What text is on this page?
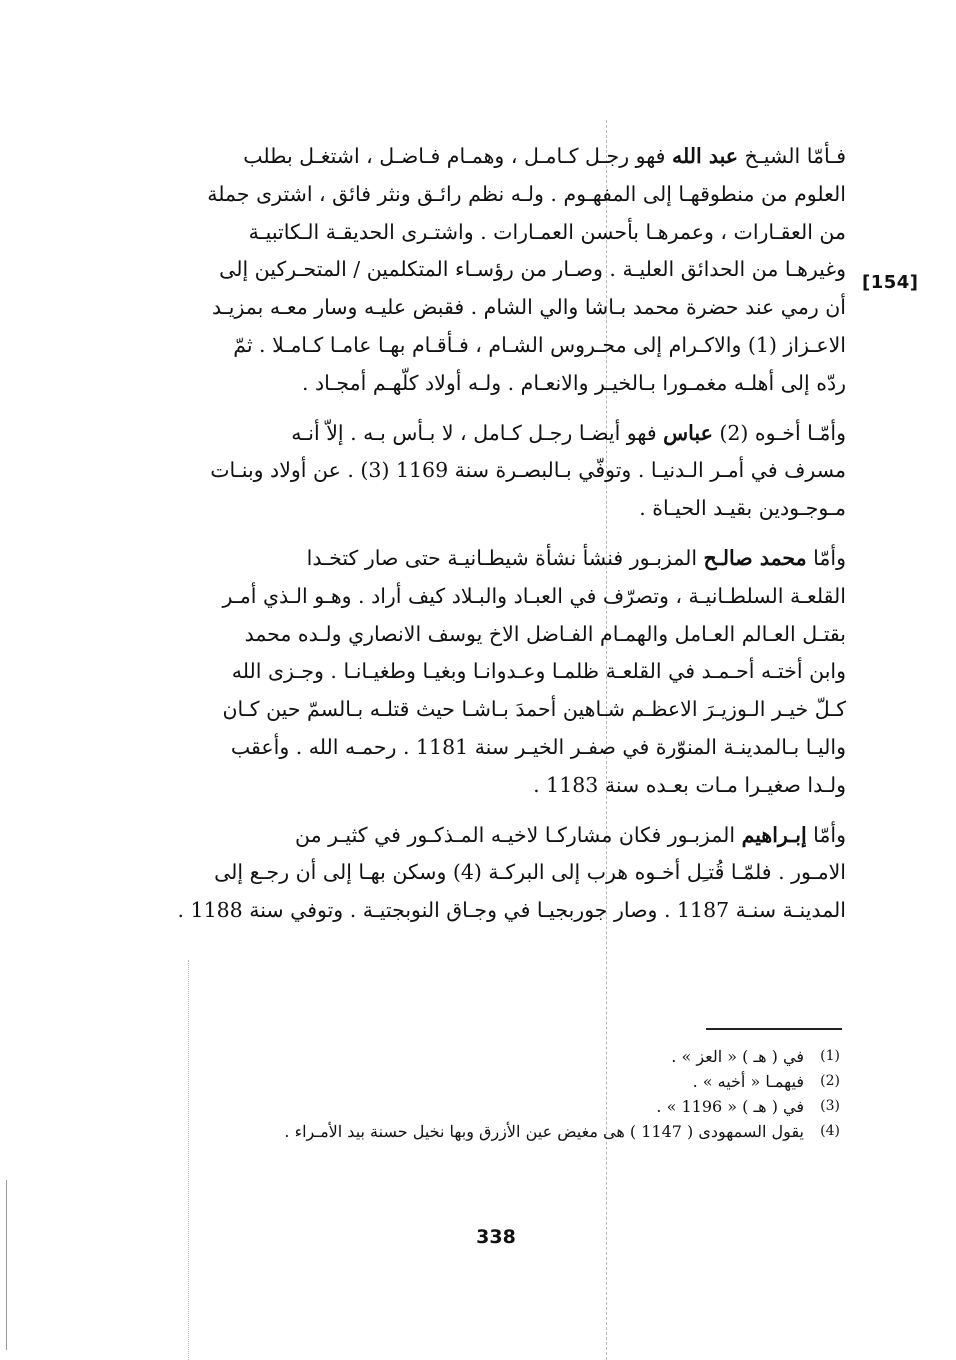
[154]

فـأمّا الشيـخ عبد الله فهو رجـل كـامـل ، وهمـام فـاضـل ، اشتغـل بطلب
العلوم من منطوقهـا إلى المفهـوم . ولـه نظم رائـق ونثر فائق ، اشترى جملة
من العقـارات ، وعمرهـا بأحسن العمـارات . واشتـرى الحديقـة الـكاتبيـة
وغيرهـا من الحدائق العليـة . وصـار من رؤسـاء المتكلمين / المتحـركين إلى
أن رمي عند حضرة محمد بـاشا والي الشام . فقبض عليـه وسار معـه بمزيـد
الاعـزاز (1) والاكـرام إلى محـروس الشـام ، فـأقـام بهـا عامـا كـامـلا . ثمّ
ردّه إلى أهلـه مغمـورا بـالخيـر والانعـام . ولـه أولاد كلّهـم أمجـاد .

وأمّـا أخـوه (2) عباس فهو أيضـا رجـل كـامل ، لا بـأس بـه . إلاّ أنـه
مسرف في أمـر الـدنيـا . وتوفّي بـالبصـرة سنة 1169 (3) . عن أولاد وبنـات
مـوجـودين بقيـد الحيـاة .

وأمّا محمد صالـح المزبـور فنشأ نشأة شيطـانيـة حتى صار كتخـدا
القلعـة السلطـانيـة ، وتصرّف في العبـاد والبـلاد كيف أراد . وهـو الـذي أمـر
بقتـل العـالم العـامل والهمـام الفـاضل الاخ يوسف الانصاري ولـده محمد
وابن أختـه أحـمـد في القلعـة ظلمـا وعـدوانـا وبغيـا وطغيـانـا . وجـزى الله
كـلّ خيـر الـوزيـرَ الاعظـم شـاهين أحمدَ بـاشـا حيث قتلـه بـالسمّ حين كـان
واليـا بـالمدينـة المنوّرة في صفـر الخيـر سنة 1181 . رحمـه الله . وأعقب
ولـدا صغيـرا مـات بعـده سنة 1183 .

وأمّا إبـراهيم المزبـور فكان مشاركـا لاخيـه المـذكـور في كثيـر من
الامـور . فلمّـا قُتـِل أخـوه هرب إلى البركـة (4) وسكن بهـا إلى أن رجـع إلى
المدينـة سنـة 1187 . وصار جوربجيـا في وجـاق النوبجتيـة . وتوفي سنة 1188 .

(1)
في ( هـ ) « العز » .
(2)
فيهمـا « أخيه » .
(3)
في ( هـ ) « 1196 » .
(4)
يقول السمهودى ( 1147 ) هى مغيض عين الأزرق وبها نخيل حسنة بيد الأمـراء .
338
